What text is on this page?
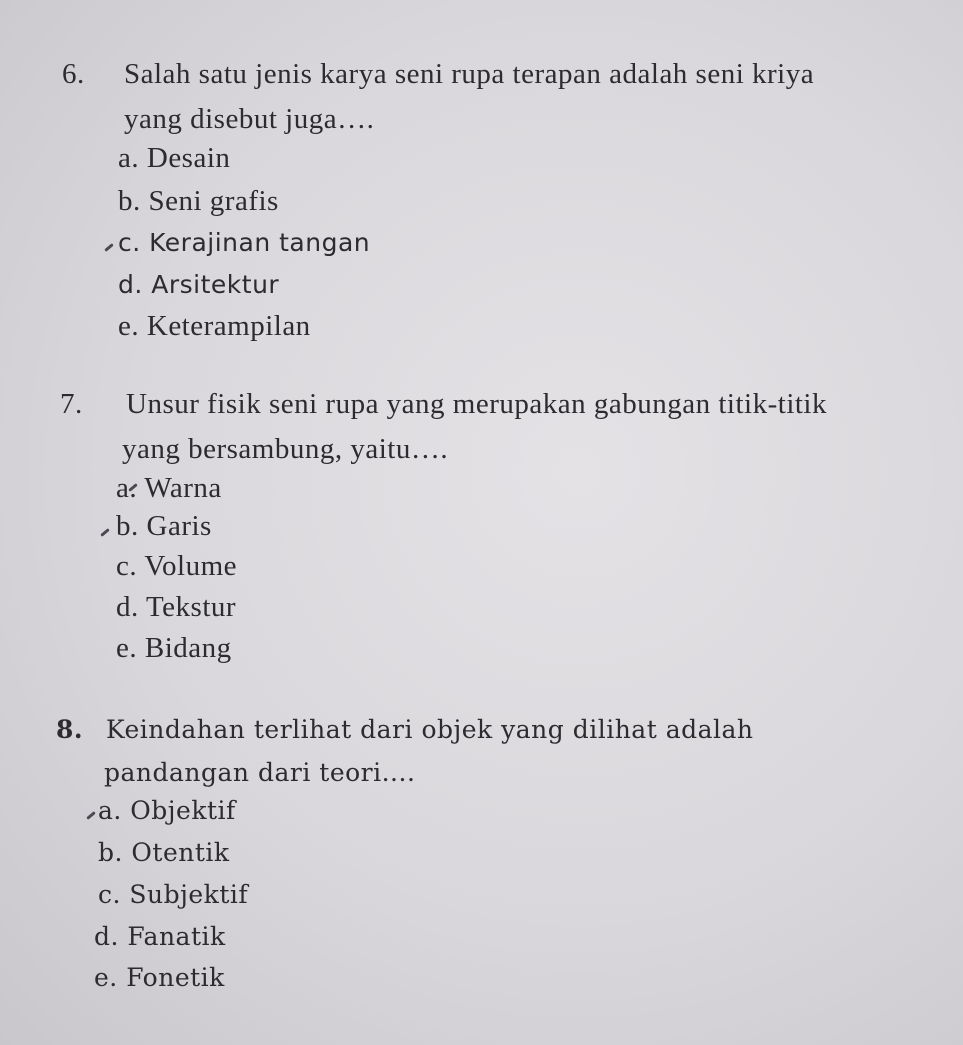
6. Salah satu jenis karya seni rupa terapan adalah seni kriya
yang disebut juga….
a. Desain
b. Seni grafis
c. Kerajinan tangan
d. Arsitektur
e. Keterampilan
7. Unsur fisik seni rupa yang merupakan gabungan titik-titik
yang bersambung, yaitu….
a. Warna
b. Garis
c. Volume
d. Tekstur
e. Bidang
8. Keindahan terlihat dari objek yang dilihat adalah
pandangan dari teori....
a. Objektif
b. Otentik
c. Subjektif
d. Fanatik
e. Fonetik
